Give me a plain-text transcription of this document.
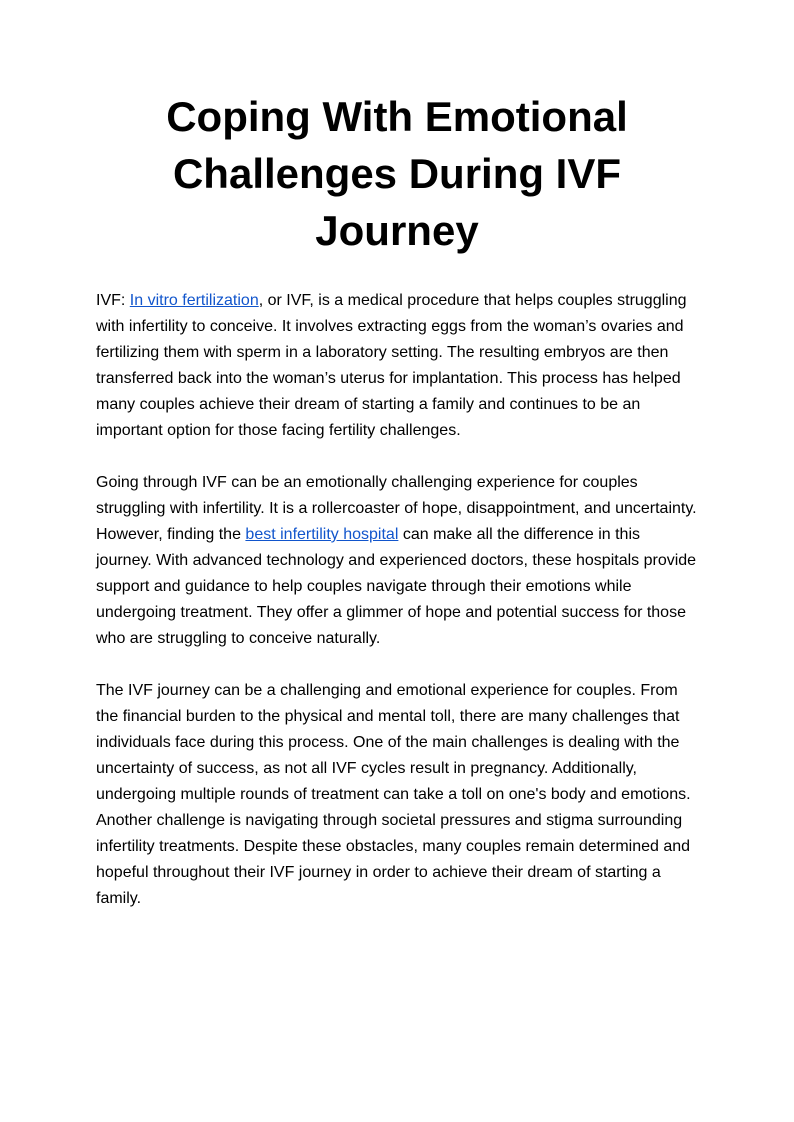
Coping With Emotional Challenges During IVF Journey

IVF: In vitro fertilization, or IVF, is a medical procedure that helps couples struggling with infertility to conceive. It involves extracting eggs from the woman’s ovaries and fertilizing them with sperm in a laboratory setting. The resulting embryos are then transferred back into the woman’s uterus for implantation. This process has helped many couples achieve their dream of starting a family and continues to be an important option for those facing fertility challenges.

Going through IVF can be an emotionally challenging experience for couples struggling with infertility. It is a rollercoaster of hope, disappointment, and uncertainty. However, finding the best infertility hospital can make all the difference in this journey. With advanced technology and experienced doctors, these hospitals provide support and guidance to help couples navigate through their emotions while undergoing treatment. They offer a glimmer of hope and potential success for those who are struggling to conceive naturally.

The IVF journey can be a challenging and emotional experience for couples. From the financial burden to the physical and mental toll, there are many challenges that individuals face during this process. One of the main challenges is dealing with the uncertainty of success, as not all IVF cycles result in pregnancy. Additionally, undergoing multiple rounds of treatment can take a toll on one's body and emotions. Another challenge is navigating through societal pressures and stigma surrounding infertility treatments. Despite these obstacles, many couples remain determined and hopeful throughout their IVF journey in order to achieve their dream of starting a family.
